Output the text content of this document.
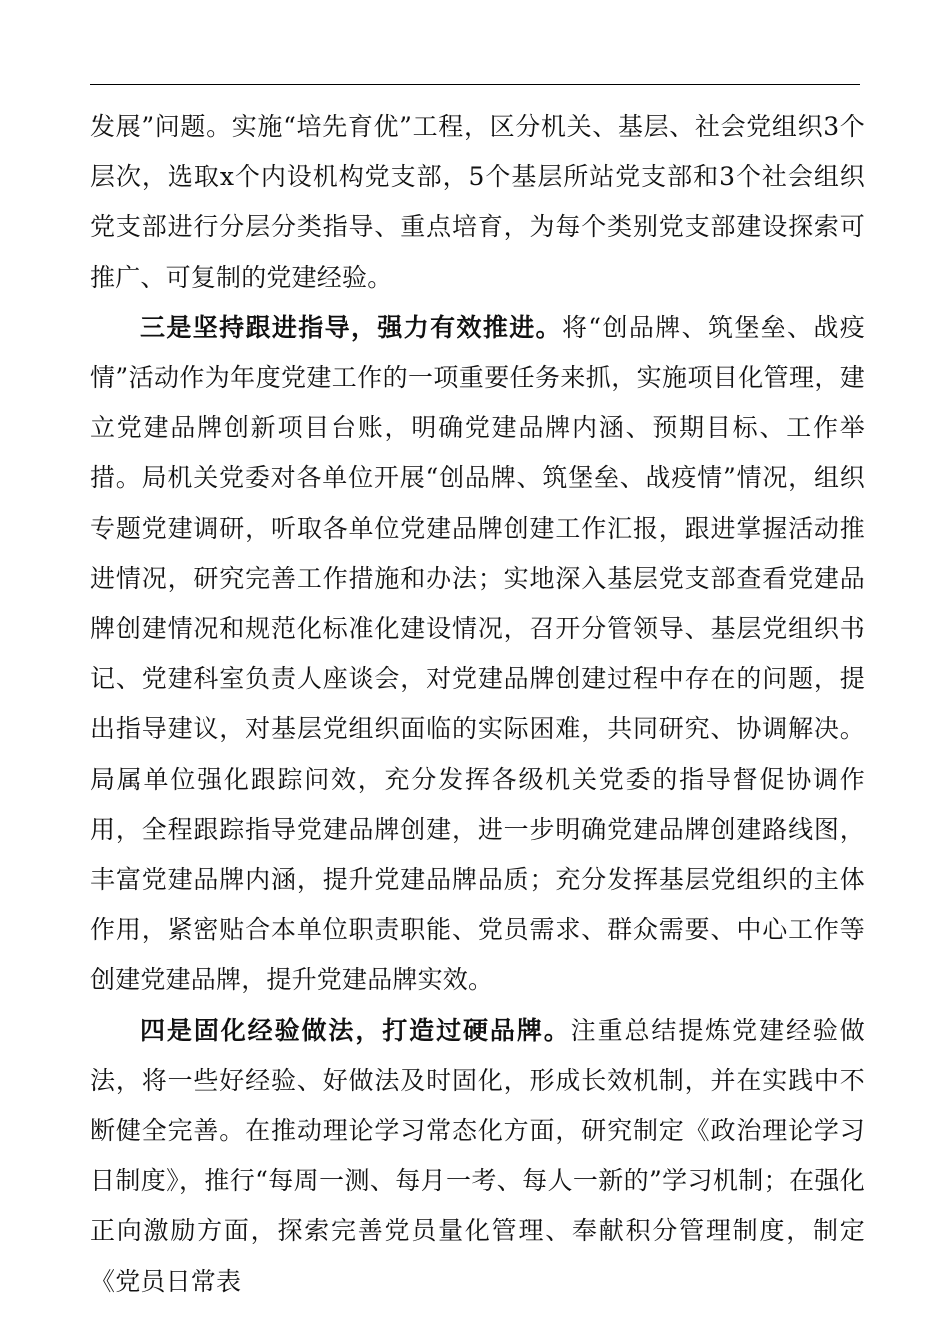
发展”问题。实施“培先育优”工程，区分机关、基层、社会党组织3个层次，选取x个内设机构党支部，5个基层所站党支部和3个社会组织党支部进行分层分类指导、重点培育，为每个类别党支部建设探索可推广、可复制的党建经验。

三是坚持跟进指导，强力有效推进。将“创品牌、筑堡垒、战疫情”活动作为年度党建工作的一项重要任务来抓，实施项目化管理，建立党建品牌创新项目台账，明确党建品牌内涵、预期目标、工作举措。局机关党委对各单位开展“创品牌、筑堡垒、战疫情”情况，组织专题党建调研，听取各单位党建品牌创建工作汇报，跟进掌握活动推进情况，研究完善工作措施和办法；实地深入基层党支部查看党建品牌创建情况和规范化标准化建设情况，召开分管领导、基层党组织书记、党建科室负责人座谈会，对党建品牌创建过程中存在的问题，提出指导建议，对基层党组织面临的实际困难，共同研究、协调解决。局属单位强化跟踪问效，充分发挥各级机关党委的指导督促协调作用，全程跟踪指导党建品牌创建，进一步明确党建品牌创建路线图，丰富党建品牌内涵，提升党建品牌品质；充分发挥基层党组织的主体作用，紧密贴合本单位职责职能、党员需求、群众需要、中心工作等创建党建品牌，提升党建品牌实效。

四是固化经验做法，打造过硬品牌。注重总结提炼党建经验做法，将一些好经验、好做法及时固化，形成长效机制，并在实践中不断健全完善。在推动理论学习常态化方面，研究制定《政治理论学习日制度》，推行“每周一测、每月一考、每人一新的”学习机制；在强化正向激励方面，探索完善党员量化管理、奉献积分管理制度，制定《党员日常表
